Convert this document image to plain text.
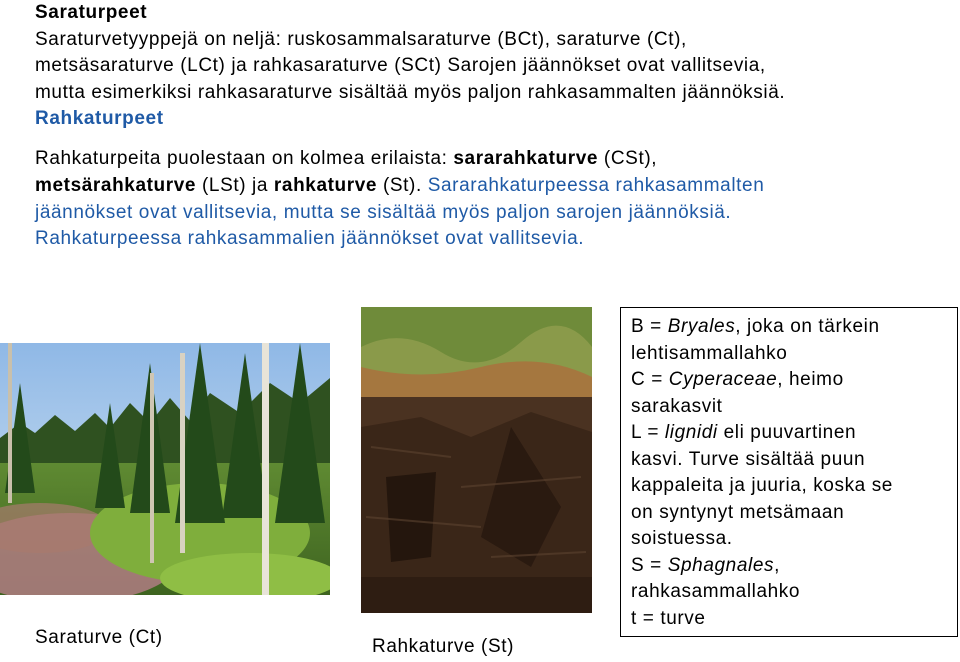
Saraturpeet
Saraturvetyyppejä on neljä: ruskosammalsaraturve (BCt), saraturve (Ct),
metsäsaraturve (LCt) ja rahkasaraturve (SCt) Sarojen jäännökset ovat vallitsevia,
mutta esimerkiksi rahkasaraturve sisältää myös paljon rahkasammalten jäännöksiä.
Rahkaturpeet
Rahkaturpeita puolestaan on kolmea erilaista: sararahkaturve (CSt),
metsärahkaturve (LSt) ja rahkaturve (St). Sararahkaturpeessa rahkasammalten
jäännökset ovat vallitsevia, mutta se sisältää myös paljon sarojen jäännöksiä.
Rahkaturpeessa rahkasammalien jäännökset ovat vallitsevia.
Saraturve (Ct)	Rahkaturve (St)
B = Bryales, joka on tärkein
lehtisammallahko
C = Cyperaceae, heimo
sarakasvit
L = lignidi eli puuvartinen
kasvi. Turve sisältää puun
kappaleita ja juuria, koska se
on syntynyt metsämaan
soistuessa.
S = Sphagnales,
rahkasammallahko
t = turve
